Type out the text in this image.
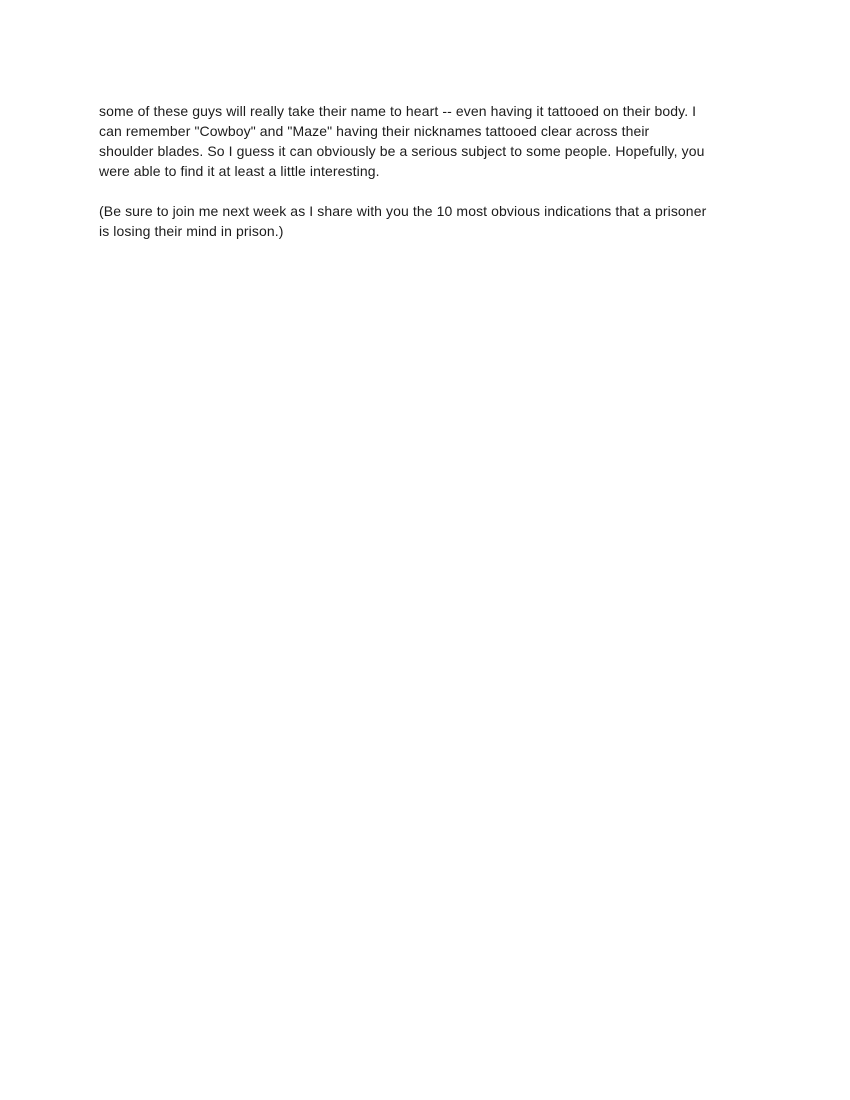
some of these guys will really take their name to heart -- even having it tattooed on their body. I
can remember "Cowboy" and "Maze" having their nicknames tattooed clear across their
shoulder blades. So I guess it can obviously be a serious subject to some people. Hopefully, you
were able to find it at least a little interesting.
(Be sure to join me next week as I share with you the 10 most obvious indications that a prisoner
is losing their mind in prison.)
